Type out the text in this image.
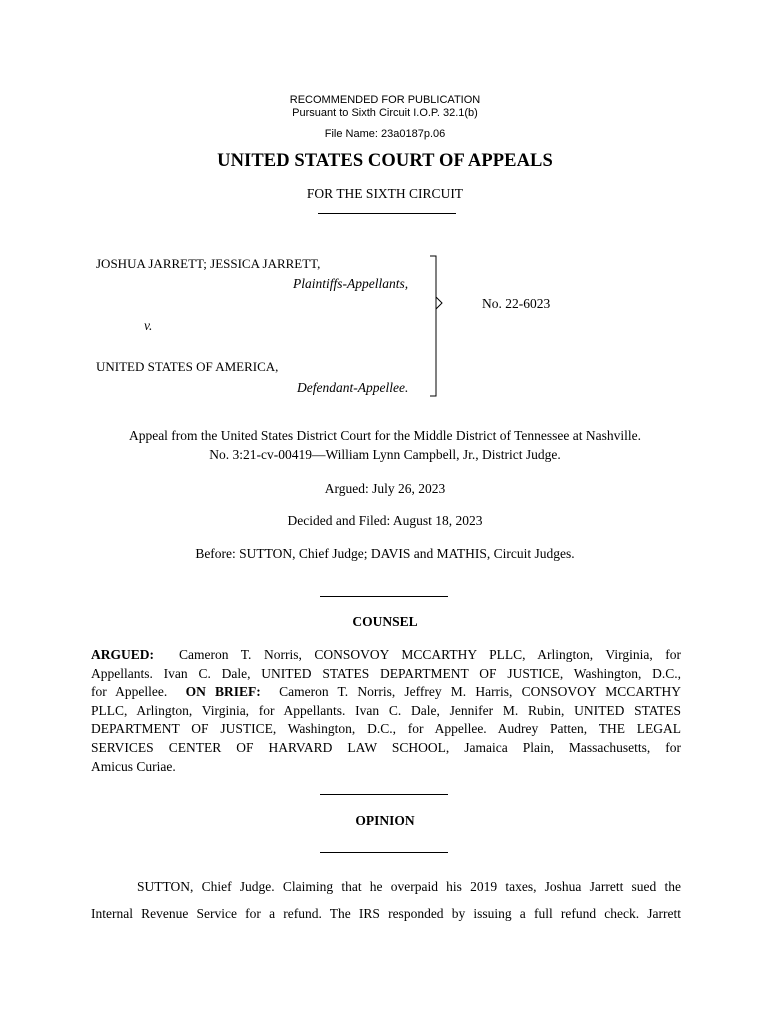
RECOMMENDED FOR PUBLICATION
Pursuant to Sixth Circuit I.O.P. 32.1(b)
File Name: 23a0187p.06
UNITED STATES COURT OF APPEALS
FOR THE SIXTH CIRCUIT
JOSHUA JARRETT; JESSICA JARRETT,
Plaintiffs-Appellants,
v.
UNITED STATES OF AMERICA,
Defendant-Appellee.
No. 22-6023
Appeal from the United States District Court for the Middle District of Tennessee at Nashville.
No. 3:21-cv-00419—William Lynn Campbell, Jr., District Judge.
Argued: July 26, 2023
Decided and Filed: August 18, 2023
Before: SUTTON, Chief Judge; DAVIS and MATHIS, Circuit Judges.
COUNSEL
ARGUED:  Cameron T. Norris, CONSOVOY MCCARTHY PLLC, Arlington, Virginia, for
Appellants. Ivan C. Dale, UNITED STATES DEPARTMENT OF JUSTICE, Washington, D.C.,
for Appellee.  ON BRIEF:  Cameron T. Norris, Jeffrey M. Harris, CONSOVOY MCCARTHY
PLLC, Arlington, Virginia, for Appellants. Ivan C. Dale, Jennifer M. Rubin, UNITED STATES
DEPARTMENT OF JUSTICE, Washington, D.C., for Appellee. Audrey Patten, THE LEGAL
SERVICES CENTER OF HARVARD LAW SCHOOL, Jamaica Plain, Massachusetts, for
Amicus Curiae.
OPINION
SUTTON, Chief Judge. Claiming that he overpaid his 2019 taxes, Joshua Jarrett sued the
Internal Revenue Service for a refund. The IRS responded by issuing a full refund check. Jarrett
